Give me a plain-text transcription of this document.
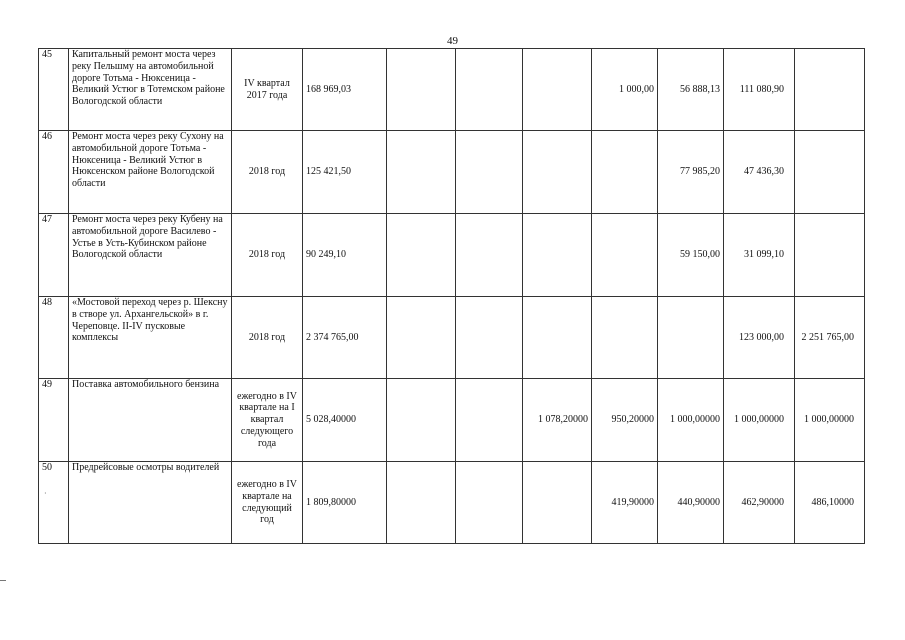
49
45	Капитальный ремонт моста через реку Пельшму на автомобильной дороге Тотьма - Нюксеница - Великий Устюг в Тотемском районе Вологодской области	IV квартал 2017 года	168 969,03				1 000,00	56 888,13	111 080,90	
46	Ремонт моста через реку Сухону на автомобильной дороге Тотьма - Нюксеница - Великий Устюг в Нюксенском районе Вологодской области	2018 год	125 421,50					77 985,20	47 436,30	
47	Ремонт моста через реку Кубену на автомобильной дороге Василево - Устье в Усть-Кубинском районе Вологодской области	2018 год	90 249,10					59 150,00	31 099,10	
48	«Мостовой переход через р. Шексну в створе ул. Архангельской» в г. Череповце. II-IV пусковые комплексы	2018 год	2 374 765,00						123 000,00	2 251 765,00
49	Поставка автомобильного бензина	ежегодно в IV квартале на I квартал следующего года	5 028,40000			1 078,20000	950,20000	1 000,00000	1 000,00000	1 000,00000
50	Предрейсовые осмотры водителей	ежегодно в IV квартале на следующий год	1 809,80000				419,90000	440,90000	462,90000	486,10000
·
